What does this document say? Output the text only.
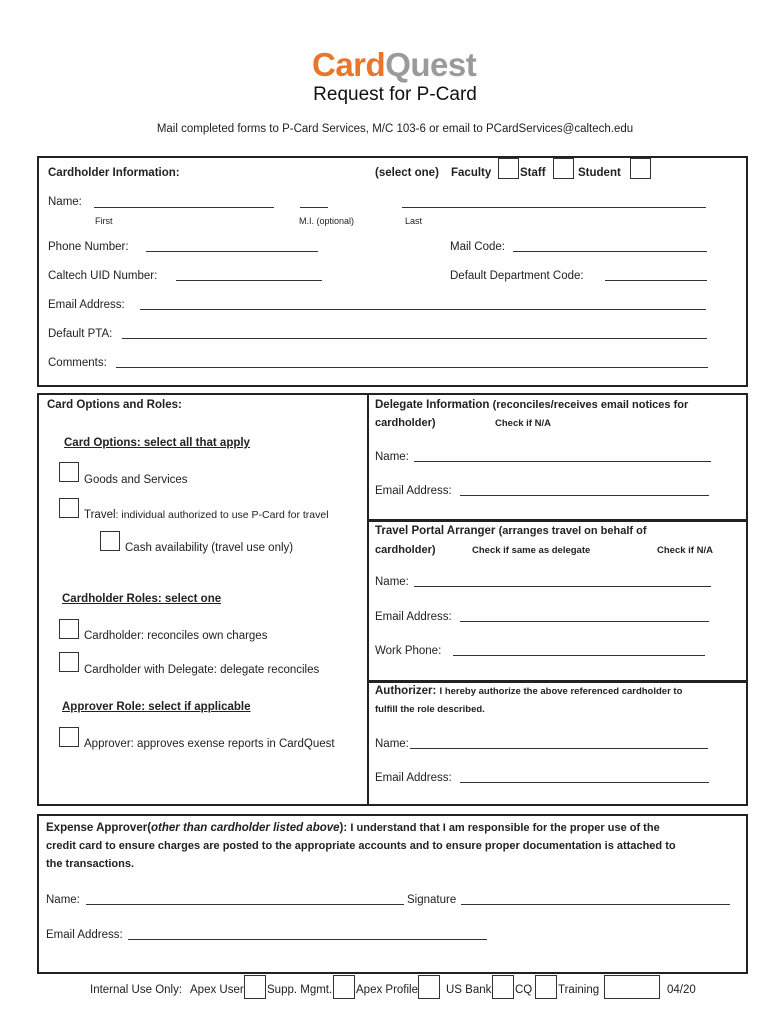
CardQuest
Request for P-Card
Mail completed forms to P-Card Services, M/C 103-6 or email to PCardServices@caltech.edu
Cardholder Information:	(select one) Faculty Staff	Student
Name:
First	M.I. (optional)	Last
Phone Number:	Mail Code:
Caltech UID Number:	Default Department Code:
Email Address:
Default PTA:
Comments:
Card Options and Roles:
Card Options: select all that apply
Goods and Services
Travel: individual authorized to use P-Card for travel
Cash availability (travel use only)
Cardholder Roles: select one
Cardholder: reconciles own charges
Cardholder with Delegate: delegate reconciles
Approver Role: select if applicable
Approver: approves exense reports in CardQuest
Delegate Information (reconciles/receives email notices for
cardholder)	Check if N/A
Name:
Email Address:
Travel Portal Arranger (arranges travel on behalf of
cardholder)	Check if same as delegate	Check if N/A
Name:
Email Address:
Work Phone:
Authorizer: I hereby authorize the above referenced cardholder to
fulfill the role described.
Name:
Email Address:
Expense Approver(other than cardholder listed above): I understand that I am responsible for the proper use of the
credit card to ensure charges are posted to the appropriate accounts and to ensure proper documentation is attached to
the transactions.
Name:	Signature
Email Address:
Internal Use Only: Apex User Supp. Mgmt. Apex Profile US Bank CQ Training	04/20
